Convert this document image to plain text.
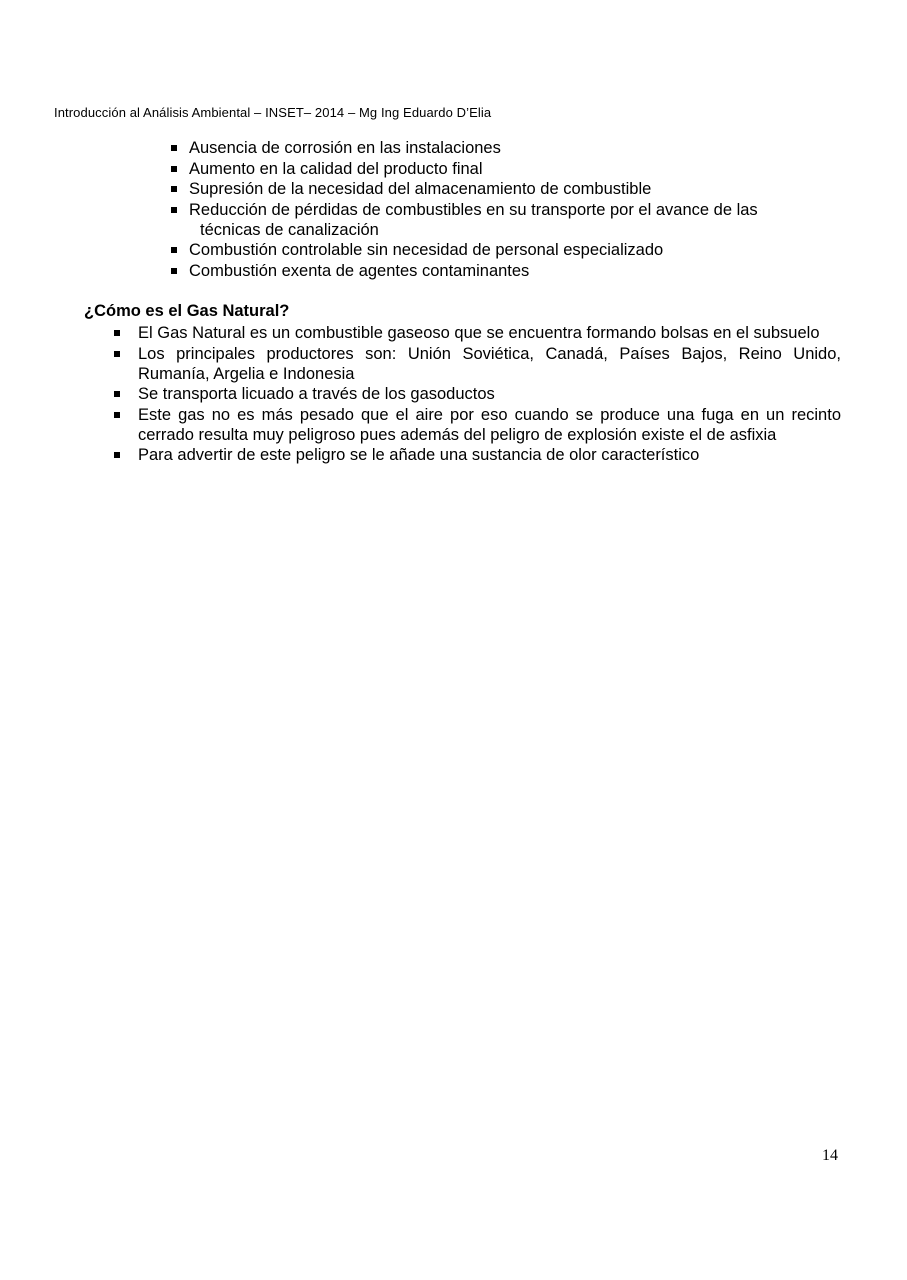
Introducción al Análisis Ambiental – INSET– 2014 – Mg Ing Eduardo D’Elia
Ausencia de corrosión en las instalaciones
Aumento en la calidad del producto final
Supresión de la necesidad del almacenamiento de combustible
Reducción de pérdidas de combustibles en su transporte por el avance de las
técnicas de canalización
Combustión controlable sin necesidad de personal especializado
Combustión exenta de agentes contaminantes
¿Cómo es el Gas Natural?
El Gas Natural es un combustible gaseoso que se encuentra formando bolsas en el subsuelo
Los principales productores son: Unión Soviética, Canadá, Países Bajos, Reino Unido, Rumanía, Argelia e Indonesia
Se transporta licuado a través de los gasoductos
Este gas no es más pesado que el aire por eso cuando se produce una fuga en un recinto cerrado resulta muy peligroso pues además del peligro de explosión existe el de asfixia
Para advertir de este peligro se le añade una sustancia de olor característico
14
